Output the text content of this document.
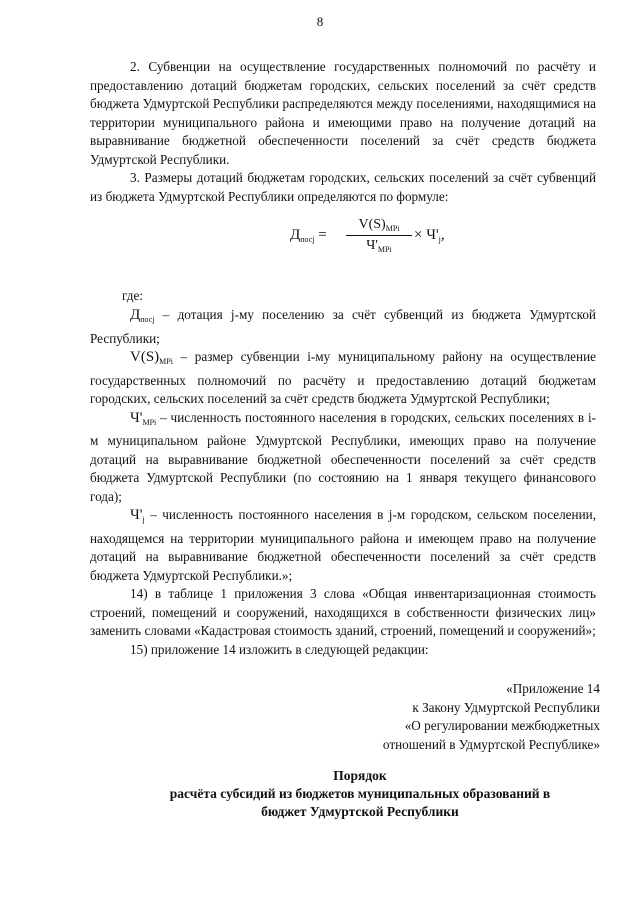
8

2. Субвенции на осуществление государственных полномочий по расчёту и предоставлению дотаций бюджетам городских, сельских поселений за счёт средств бюджета Удмуртской Республики распределяются между поселениями, находящимися на территории муниципального района и имеющими право на получение дотаций на выравнивание бюджетной обеспеченности поселений за счёт средств бюджета Удмуртской Республики.

3. Размеры дотаций бюджетам городских, сельских поселений за счёт субвенций из бюджета Удмуртской Республики определяются по формуле:

$Д_{посj}$ =
$V(S)_{MPi}$
$Ч'_{MPi}$
× $Ч'_j$,
где:

$Д_{посj}$ – дотация j-му поселению за счёт субвенций из бюджета Удмуртской Республики;

$V(S)_{MPi}$ – размер субвенции i-му муниципальному району на осуществление государственных полномочий по расчёту и предоставлению дотаций бюджетам городских, сельских поселений за счёт средств бюджета Удмуртской Республики;

$Ч'_{MPi}$ – численность постоянного населения в городских, сельских поселениях в i-м муниципальном районе Удмуртской Республики, имеющих право на получение дотаций на выравнивание бюджетной обеспеченности поселений за счёт средств бюджета Удмуртской Республики (по состоянию на 1 января текущего финансового года);

$Ч'_j$ – численность постоянного населения в j-м городском, сельском поселении, находящемся на территории муниципального района и имеющем право на получение дотаций на выравнивание бюджетной обеспеченности поселений за счёт средств бюджета Удмуртской Республики.»;

14) в таблице 1 приложения 3 слова «Общая инвентаризационная стоимость строений, помещений и сооружений, находящихся в собственности физических лиц» заменить словами «Кадастровая стоимость зданий, строений, помещений и сооружений»;

15) приложение 14 изложить в следующей редакции:

«Приложение 14
к Закону Удмуртской Республики
«О регулировании межбюджетных
отношений в Удмуртской Республике»
Порядок
расчёта субсидий из бюджетов муниципальных образований в
бюджет Удмуртской Республики
